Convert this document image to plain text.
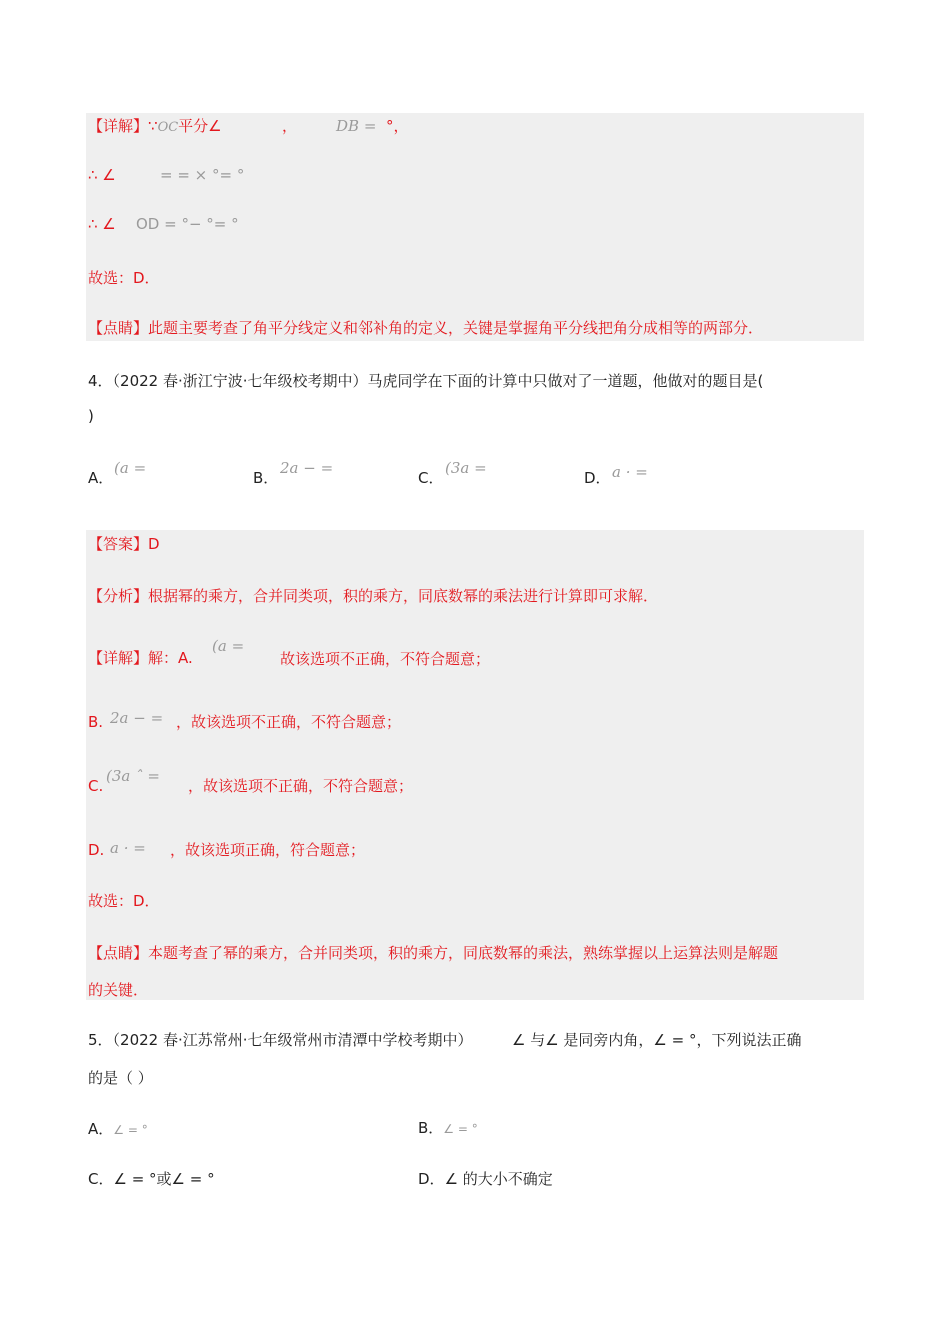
【详解】∵OC平分∠	，	DB = °，
∴ ∠	= = × °= °
∴ ∠ OD = °− °= °
故选：D．
【点睛】此题主要考查了角平分线定义和邻补角的定义，关键是掌握角平分线把角分成相等的两部分．
4．（2022 春·浙江宁波·七年级校考期中）马虎同学在下面的计算中只做对了一道题，他做对的题目是(
)
A．
(a =
B．
2a − =
C．
(3a =
D． a · =
【答案】D
【分析】根据幂的乘方，合并同类项，积的乘方，同底数幂的乘法进行计算即可求解．
【详解】解：A.
(a =
故该选项不正确，不符合题意；
B. 2a − = ，故该选项不正确，不符合题意；
C.
(3a ˆ =
，故该选项不正确，不符合题意；
D. a · = ，故该选项正确，符合题意；
故选：D．
【点睛】本题考查了幂的乘方，合并同类项，积的乘方，同底数幂的乘法，熟练掌握以上运算法则是解题
的关键．
5．（2022 春·江苏常州·七年级常州市清潭中学校考期中）	∠ 与∠ 是同旁内角，∠ = °，下列说法正确
的是（ ）
A．∠ = °	B．∠ = °
C．∠ = °或∠ = °	D．∠ 的大小不确定
